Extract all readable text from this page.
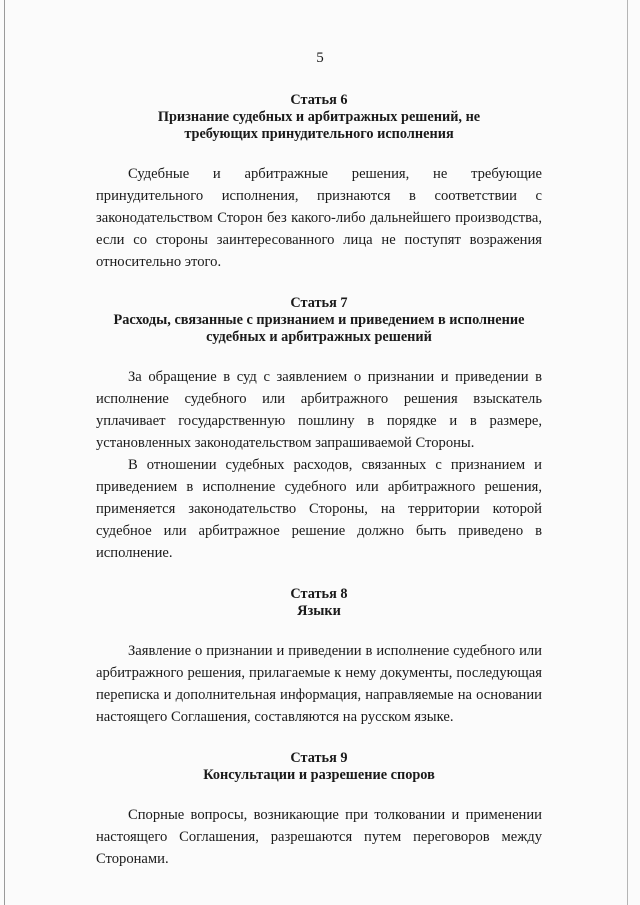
5
Статья 6
Признание судебных и арбитражных решений, не требующих принудительного исполнения

Судебные и арбитражные решения, не требующие принудительного исполнения, признаются в соответствии с законодательством Сторон без какого-либо дальнейшего производства, если со стороны заинтересованного лица не поступят возражения относительно этого.

Статья 7
Расходы, связанные с признанием и приведением в исполнение судебных и арбитражных решений

За обращение в суд с заявлением о признании и приведении в исполнение судебного или арбитражного решения взыскатель уплачивает государственную пошлину в порядке и в размере, установленных законодательством запрашиваемой Стороны.

В отношении судебных расходов, связанных с признанием и приведением в исполнение судебного или арбитражного решения, применяется законодательство Стороны, на территории которой судебное или арбитражное решение должно быть приведено в исполнение.

Статья 8
Языки

Заявление о признании и приведении в исполнение судебного или арбитражного решения, прилагаемые к нему документы, последующая переписка и дополнительная информация, направляемые на основании настоящего Соглашения, составляются на русском языке.

Статья 9
Консультации и разрешение споров

Спорные вопросы, возникающие при толковании и применении настоящего Соглашения, разрешаются путем переговоров между Сторонами.
